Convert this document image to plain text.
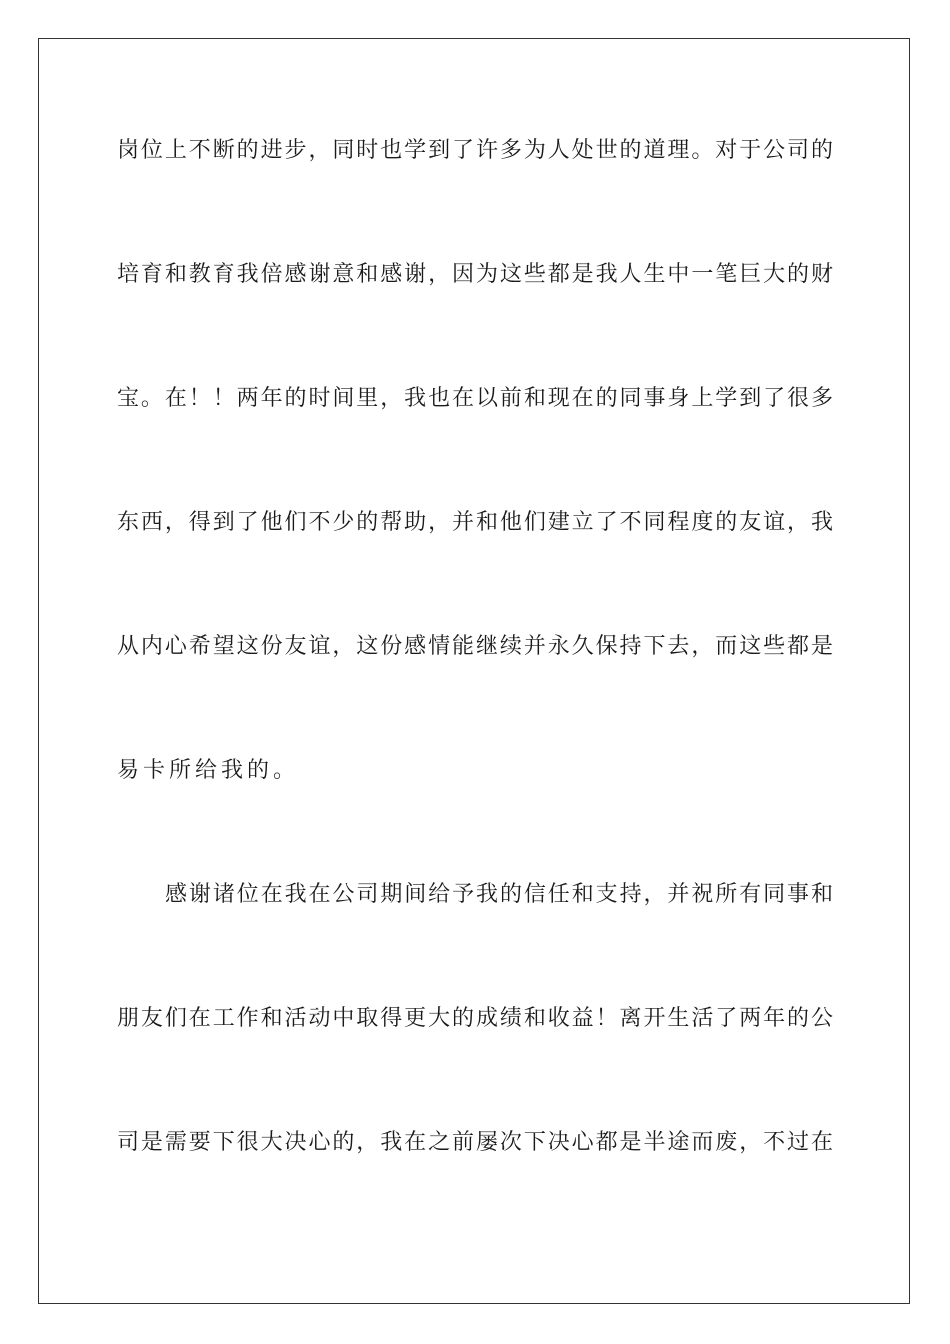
岗位上不断的进步，同时也学到了许多为人处世的道理。对于公司的
培育和教育我倍感谢意和感谢，因为这些都是我人生中一笔巨大的财
宝。在！！两年的时间里，我也在以前和现在的同事身上学到了很多
东西，得到了他们不少的帮助，并和他们建立了不同程度的友谊，我
从内心希望这份友谊，这份感情能继续并永久保持下去，而这些都是
易卡所给我的。
感谢诸位在我在公司期间给予我的信任和支持，并祝所有同事和
朋友们在工作和活动中取得更大的成绩和收益！离开生活了两年的公
司是需要下很大决心的，我在之前屡次下决心都是半途而废，不过在
